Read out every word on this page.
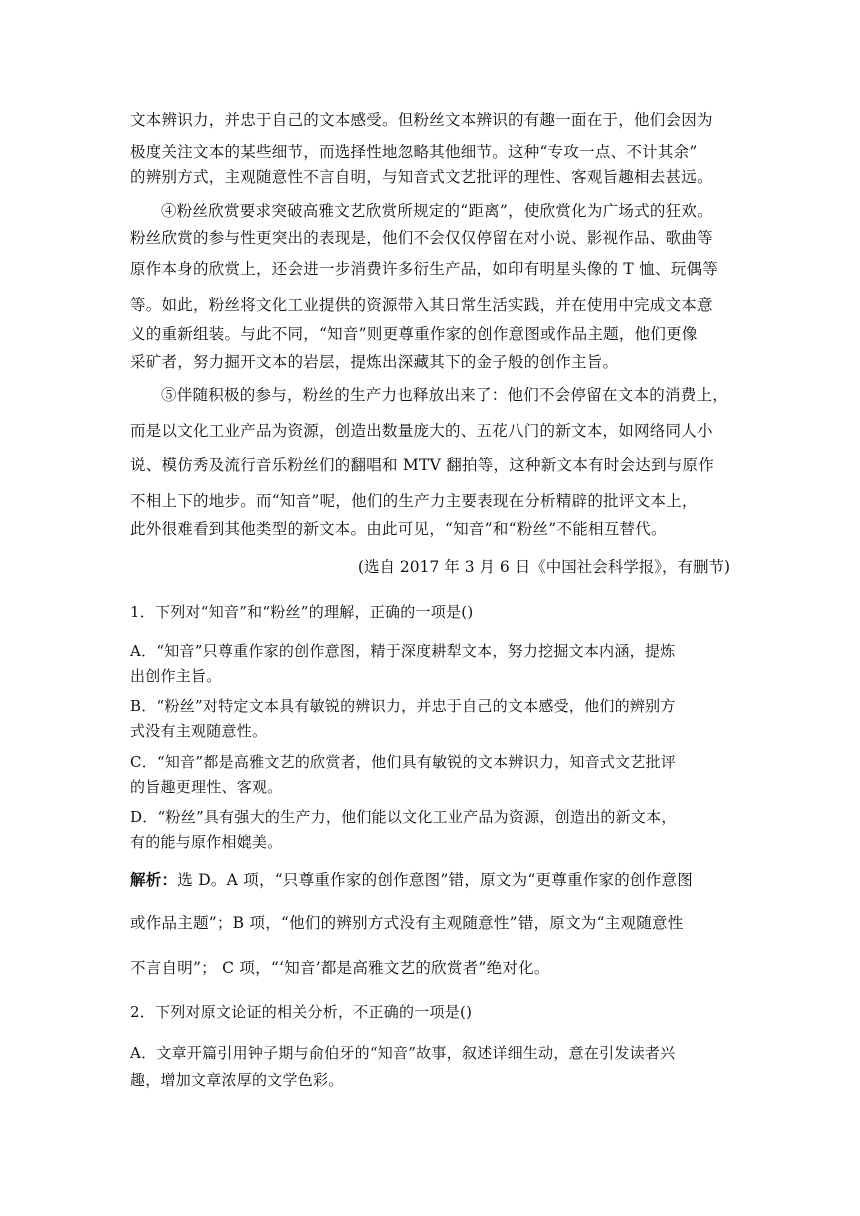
文本辨识力，并忠于自己的文本感受。但粉丝文本辨识的有趣一面在于，他们会因为
极度关注文本的某些细节，而选择性地忽略其他细节。这种“专攻一点、不计其余”
的辨别方式，主观随意性不言自明，与知音式文艺批评的理性、客观旨趣相去甚远。
④粉丝欣赏要求突破高雅文艺欣赏所规定的“距离”，使欣赏化为广场式的狂欢。
粉丝欣赏的参与性更突出的表现是，他们不会仅仅停留在对小说、影视作品、歌曲等
原作本身的欣赏上，还会进一步消费许多衍生产品，如印有明星头像的 T 恤、玩偶等
等。如此，粉丝将文化工业提供的资源带入其日常生活实践，并在使用中完成文本意
义的重新组装。与此不同，“知音”则更尊重作家的创作意图或作品主题，他们更像
采矿者，努力掘开文本的岩层，提炼出深藏其下的金子般的创作主旨。
⑤伴随积极的参与，粉丝的生产力也释放出来了：他们不会停留在文本的消费上，
而是以文化工业产品为资源，创造出数量庞大的、五花八门的新文本，如网络同人小
说、模仿秀及流行音乐粉丝们的翻唱和 MTV 翻拍等，这种新文本有时会达到与原作
不相上下的地步。而“知音”呢，他们的生产力主要表现在分析精辟的批评文本上，
此外很难看到其他类型的新文本。由此可见，“知音”和“粉丝”不能相互替代。
(选自 2017 年 3 月 6 日《中国社会科学报》，有删节)
1．下列对“知音”和“粉丝”的理解，正确的一项是()
A．“知音”只尊重作家的创作意图，精于深度耕犁文本，努力挖掘文本内涵，提炼
出创作主旨。
B．“粉丝”对特定文本具有敏锐的辨识力，并忠于自己的文本感受，他们的辨别方
式没有主观随意性。
C．“知音”都是高雅文艺的欣赏者，他们具有敏锐的文本辨识力，知音式文艺批评
的旨趣更理性、客观。
D．“粉丝”具有强大的生产力，他们能以文化工业产品为资源，创造出的新文本，
有的能与原作相媲美。
解析：选 D。A 项，“只尊重作家的创作意图”错，原文为“更尊重作家的创作意图
或作品主题”；B 项，“他们的辨别方式没有主观随意性”错，原文为“主观随意性
不言自明”； C 项，“‘知音’都是高雅文艺的欣赏者”绝对化。
2．下列对原文论证的相关分析，不正确的一项是()
A．文章开篇引用钟子期与俞伯牙的“知音”故事，叙述详细生动，意在引发读者兴
趣，增加文章浓厚的文学色彩。
